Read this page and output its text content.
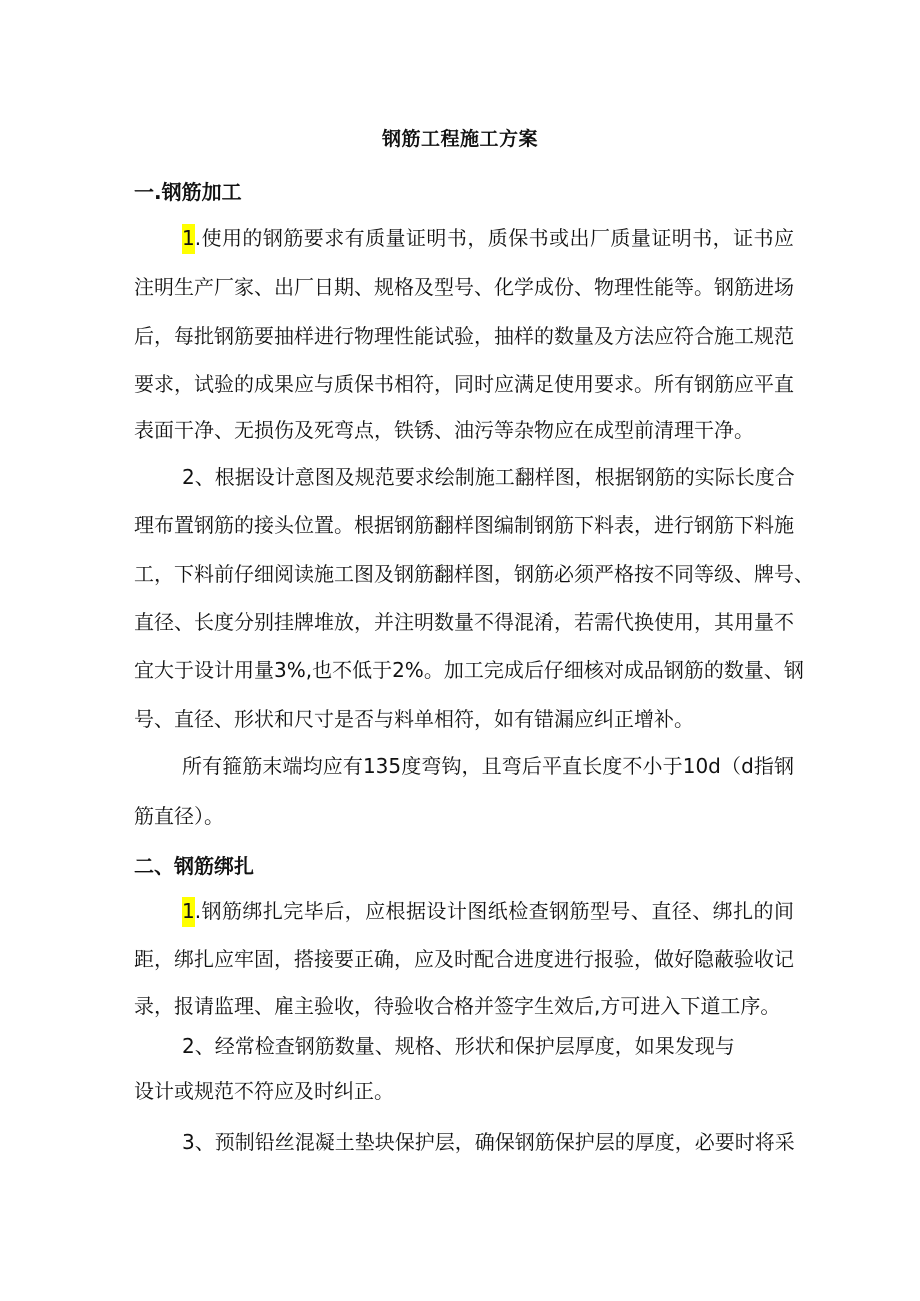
钢筋工程施工方案
一.钢筋加工
1.使用的钢筋要求有质量证明书，质保书或出厂质量证明书，证书应
注明生产厂家、出厂日期、规格及型号、化学成份、物理性能等。钢筋进场
后，每批钢筋要抽样进行物理性能试验，抽样的数量及方法应符合施工规范
要求，试验的成果应与质保书相符，同时应满足使用要求。所有钢筋应平直
表面干净、无损伤及死弯点，铁锈、油污等杂物应在成型前清理干净。
2、根据设计意图及规范要求绘制施工翻样图，根据钢筋的实际长度合
理布置钢筋的接头位置。根据钢筋翻样图编制钢筋下料表，进行钢筋下料施
工，下料前仔细阅读施工图及钢筋翻样图，钢筋必须严格按不同等级、牌号、
直径、长度分别挂牌堆放，并注明数量不得混淆，若需代换使用，其用量不
宜大于设计用量3%,也不低于2%。加工完成后仔细核对成品钢筋的数量、钢
号、直径、形状和尺寸是否与料单相符，如有错漏应纠正增补。
所有箍筋末端均应有135度弯钩，且弯后平直长度不小于10d（d指钢
筋直径）。
二、钢筋绑扎
1.钢筋绑扎完毕后，应根据设计图纸检查钢筋型号、直径、绑扎的间
距，绑扎应牢固，搭接要正确，应及时配合进度进行报验，做好隐蔽验收记
录，报请监理、雇主验收，待验收合格并签字生效后,方可进入下道工序。
2、经常检查钢筋数量、规格、形状和保护层厚度，如果发现与
设计或规范不符应及时纠正。
3、预制铅丝混凝土垫块保护层，确保钢筋保护层的厚度，必要时将采
